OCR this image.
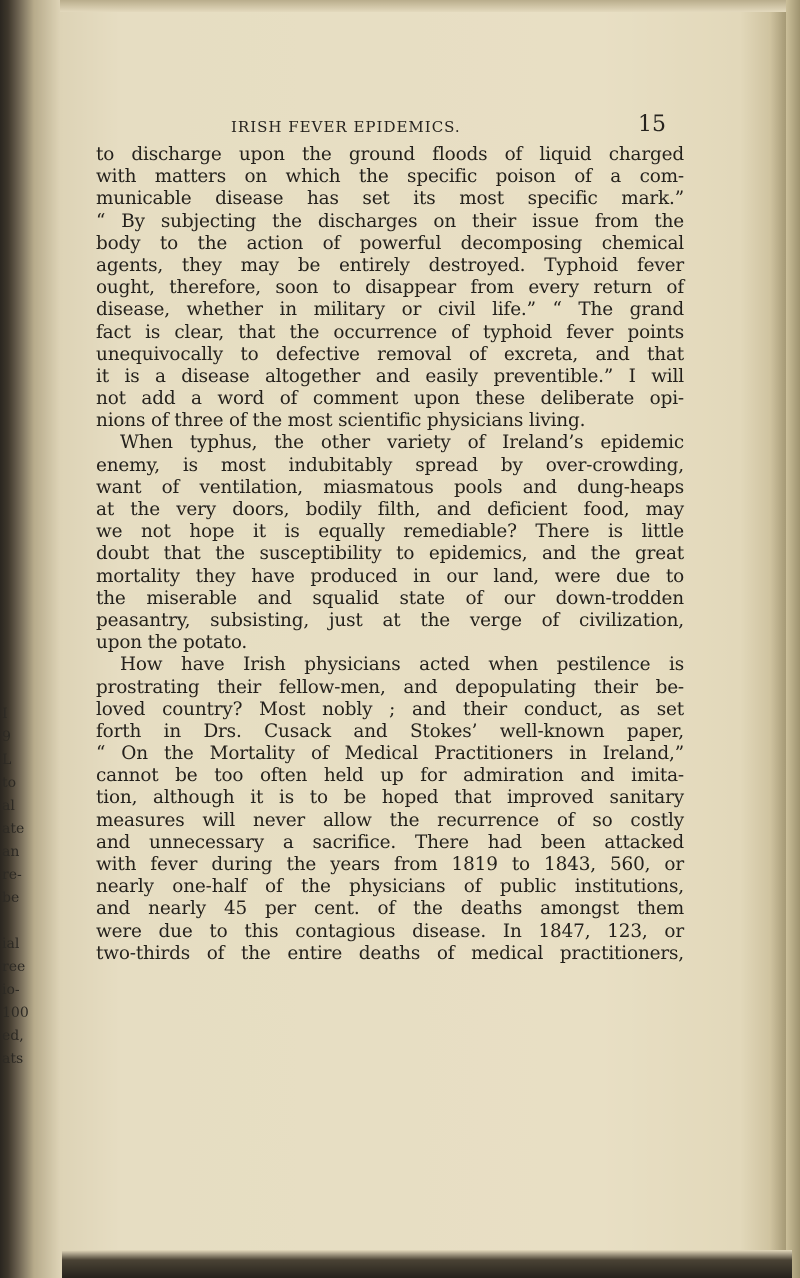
I
9
L
to
al
ate
an
re-
be
ial
ree
io-
100
ed,
ats
IRISH FEVER EPIDEMICS.	15
to discharge upon the ground floods of liquid charged
with matters on which the specific poison of a com-
municable disease has set its most specific mark.”
“ By subjecting the discharges on their issue from the
body to the action of powerful decomposing chemical
agents, they may be entirely destroyed. Typhoid fever
ought, therefore, soon to disappear from every return of
disease, whether in military or civil life.” “ The grand
fact is clear, that the occurrence of typhoid fever points
unequivocally to defective removal of excreta, and that
it is a disease altogether and easily preventible.” I will
not add a word of comment upon these deliberate opi-
nions of three of the most scientific physicians living.
When typhus, the other variety of Ireland’s epidemic
enemy, is most indubitably spread by over-crowding,
want of ventilation, miasmatous pools and dung-heaps
at the very doors, bodily filth, and deficient food, may
we not hope it is equally remediable? There is little
doubt that the susceptibility to epidemics, and the great
mortality they have produced in our land, were due to
the miserable and squalid state of our down-trodden
peasantry, subsisting, just at the verge of civilization,
upon the potato.
How have Irish physicians acted when pestilence is
prostrating their fellow-men, and depopulating their be-
loved country? Most nobly ; and their conduct, as set
forth in Drs. Cusack and Stokes’ well-known paper,
“ On the Mortality of Medical Practitioners in Ireland,”
cannot be too often held up for admiration and imita-
tion, although it is to be hoped that improved sanitary
measures will never allow the recurrence of so costly
and unnecessary a sacrifice. There had been attacked
with fever during the years from 1819 to 1843, 560, or
nearly one-half of the physicians of public institutions,
and nearly 45 per cent. of the deaths amongst them
were due to this contagious disease. In 1847, 123, or
two-thirds of the entire deaths of medical practitioners,
